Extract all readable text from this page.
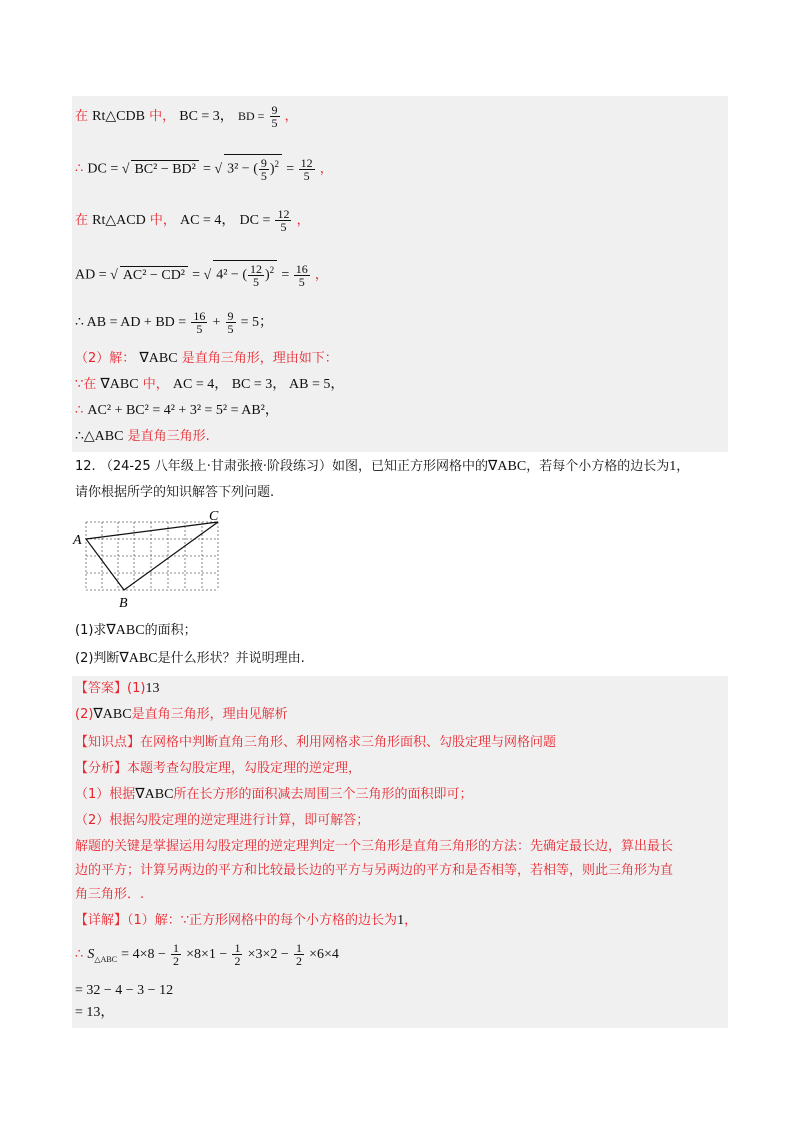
在 Rt△CDB 中， BC = 3， BD = $\frac{9}{5}$ ，
∴ DC = √ BC² − BD² = √ 3² − ( $\frac{9}{5} )^2 = \frac{12}{5}$ ，
在 Rt△ACD 中， AC = 4， DC = $\frac{12}{5}$ ，
AD = √ AC² − CD² = √ 4² − ( $\frac{12}{5} )^2 = \frac{16}{5}$ ，
∴ AB = AD + BD = $\frac{16}{5} + \frac{9}{5} = 5$；
（2）解： ∇ABC 是直角三角形，理由如下：
∵在 ∇ABC 中， AC = 4， BC = 3， AB = 5，
∴ AC² + BC² = 4² + 3² = 5² = AB²，
∴△ABC 是直角三角形.
12. （24-25 八年级上·甘肃张掖·阶段练习）如图，已知正方形网格中的∇ABC，若每个小方格的边长为1，
请你根据所学的知识解答下列问题.
A
C
B
(1)求∇ABC的面积；
(2)判断∇ABC是什么形状？并说明理由.
【答案】(1)13
(2)∇ABC是直角三角形，理由见解析
【知识点】在网格中判断直角三角形、利用网格求三角形面积、勾股定理与网格问题
【分析】本题考查勾股定理，勾股定理的逆定理，
（1）根据∇ABC所在长方形的面积减去周围三个三角形的面积即可；
（2）根据勾股定理的逆定理进行计算，即可解答；
解题的关键是掌握运用勾股定理的逆定理判定一个三角形是直角三角形的方法：先确定最长边，算出最长
边的平方；计算另两边的平方和比较最长边的平方与另两边的平方和是否相等，若相等，则此三角形为直
角三角形．.
【详解】（1）解：∵正方形网格中的每个小方格的边长为1，
∴ $S_{\triangle ABC} = 4\times 8 - \frac{1}{2} \times 8\times 1 - \frac{1}{2} \times 3\times 2 - \frac{1}{2} \times 6\times 4$
= 32 − 4 − 3 − 12
= 13，
